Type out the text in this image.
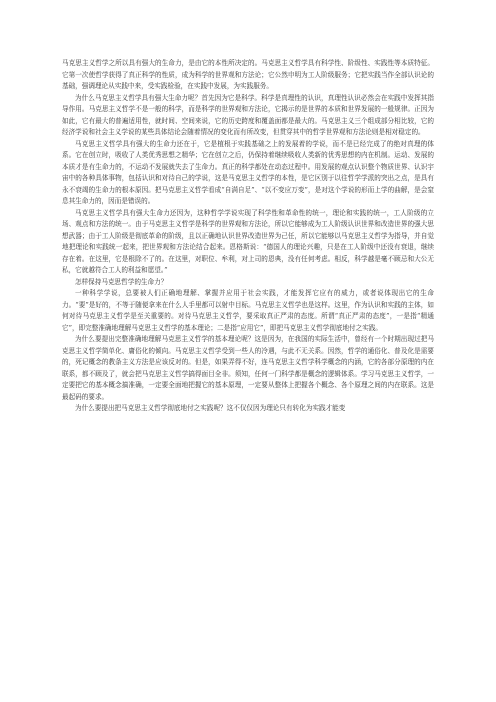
马克思主义哲学之所以具有强大的生命力，是由它的本性所决定的。马克思主义哲学具有科学性、阶级性、实践性等本质特征。它第一次使哲学获得了真正科学的性质，成为科学的世界观和方法论；它公然申明为工人阶级服务；它把实践当作全部认识论的基础，强调理论从实践中来，受实践检验，在实践中发展，为实践服务。

为什么马克思主义哲学具有强大生命力呢？首先因为它是科学。科学是真理性的认识，真理性认识必然会在实践中发挥其指导作用。马克思主义哲学不是一般的科学，而是科学的世界观和方法论，它揭示的是世界的本质和世界发展的一般规律。正因为如此，它有最大的普遍适用性，就时间、空间来说，它的历史跨度和覆盖面都是最大的。马克思主义三个组成部分相比较，它的经济学说和社会主义学说的某些具体结论会随着情况的变化而有所改变，但贯穿其中的哲学世界观和方法论则是相对稳定的。

马克思主义哲学具有强大的生命力还在于，它是植根于实践基础之上的发展着的学说，而不是已经完成了的绝对真理的体系。它在创立时，吸收了人类优秀思想之精华；它在创立之后，仍保持着继续吸收人类新的优秀思想的内在机制。运动、发展的本质才是有生命力的，不运动不发展就失去了生命力。真正的科学都处在动态过程中。用发展的观点认识整个物质世界、认识宇宙中的各种具体事物，包括认识和对待自己的学说，这是马克思主义哲学的本性，是它区别于以往哲学学派的突出之点，是具有永不衰竭的生命力的根本原因。把马克思主义哲学看成“自满自足”、“以不变应万变”，是对这个学说的形而上学的曲解，是会窒息其生命力的，因而是错误的。

马克思主义哲学具有强大生命力还因为，这种哲学学说实现了科学性和革命性的统一，理论和实践的统一，工人阶级的立场、观点和方法的统一。由于马克思主义哲学是科学的世界观和方法论，所以它能够成为工人阶级认识世界和改造世界的强大思想武器；由于工人阶级是彻底革命的阶级，且以正确地认识世界改造世界为己任，所以它能够以马克思主义哲学为指导，并自觉地把理论和实践统一起来，把世界观和方法论结合起来。恩格斯说：“德国人的理论兴趣，只是在工人阶级中还没有衰退，继续存在着。在这里，它是根除不了的。在这里，对职位、牟利，对上司的恩典，没有任何考虑。相反，科学越是毫不顾忌和大公无私，它就越符合工人的利益和愿望。”

怎样保持马克思哲学的生命力？

一种科学学说，总要被人们正确地理解、掌握并应用于社会实践，才能发挥它应有的威力，或者说体现出它的生命力。“要”是好的，不等于随便拿来在什么人手里都可以射中目标。马克思主义哲学也是这样。这里，作为认识和实践的主体，如何对待马克思主义哲学是至关重要的。对待马克思主义哲学，要采取真正严肃的态度。所谓“真正严肃的态度”，一是指“精通它”，即完整准确地理解马克思主义哲学的基本理论；二是指“应用它”，即把马克思主义哲学彻底地付之实践。

为什么要提出完整准确地理解马克思主义哲学的基本理论呢？这是因为，在我国的实际生活中，曾经有一个时期出现过把马克思主义哲学简单化、庸俗化的倾向。马克思主义哲学受到一些人的冷遇，与此不无关系。因然，哲学的通俗化、普及化是需要的，死记概念的教条主义方法是应该反对的。但是，如果弄得不好，连马克思主义哲学科学概念的内涵，它的各部分原理的内在联系，都不顾及了，就会把马克思主义哲学搞得面目全非。须知，任何一门科学都是概念的逻辑体系。学习马克思主义哲学，一定要把它的基本概念搞准确，一定要全面地把握它的基本原理，一定要从整体上把握各个概念、各个原理之间的内在联系。这是最起码的要求。

为什么要提出把马克思主义哲学彻底地付之实践呢？这不仅仅因为理论只有转化为实践才能变
